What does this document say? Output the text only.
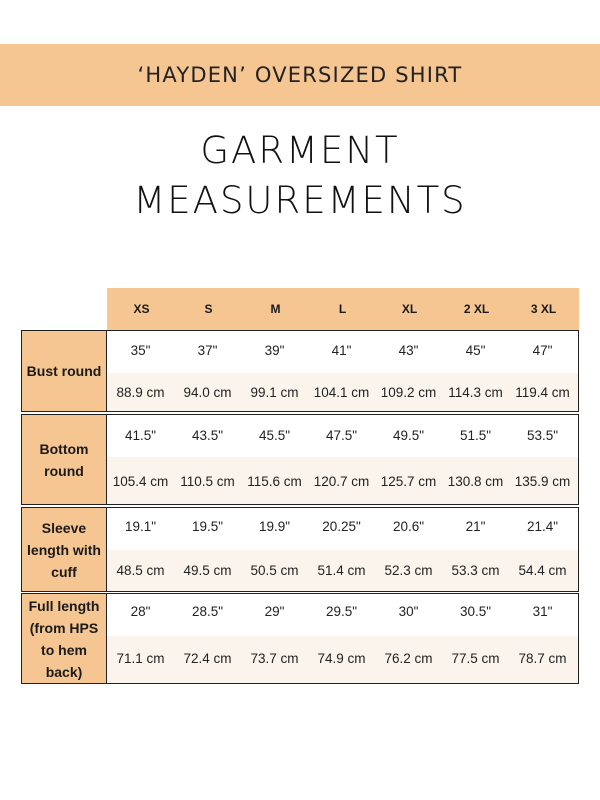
‘HAYDEN’ OVERSIZED SHIRT
GARMENT
MEASUREMENTS
XS	S	M	L	XL	2 XL	3 XL
Bust round
35"	37"	39"	41"	43"	45"	47"
88.9 cm	94.0 cm	99.1 cm	104.1 cm 109.2 cm 114.3 cm 119.4 cm
Bottom
round
41.5"	43.5"	45.5"	47.5"	49.5"	51.5"	53.5"
105.4 cm 110.5 cm 115.6 cm 120.7 cm 125.7 cm 130.8 cm 135.9 cm
Sleeve
length with
cuff
19.1"	19.5"	19.9"	20.25"	20.6"	21"	21.4"
48.5 cm	49.5 cm	50.5 cm	51.4 cm	52.3 cm	53.3 cm	54.4 cm
Full length
(from HPS
to hem
back)
28"	28.5"	29"	29.5"	30"	30.5"	31"
71.1 cm	72.4 cm	73.7 cm	74.9 cm	76.2 cm	77.5 cm	78.7 cm
